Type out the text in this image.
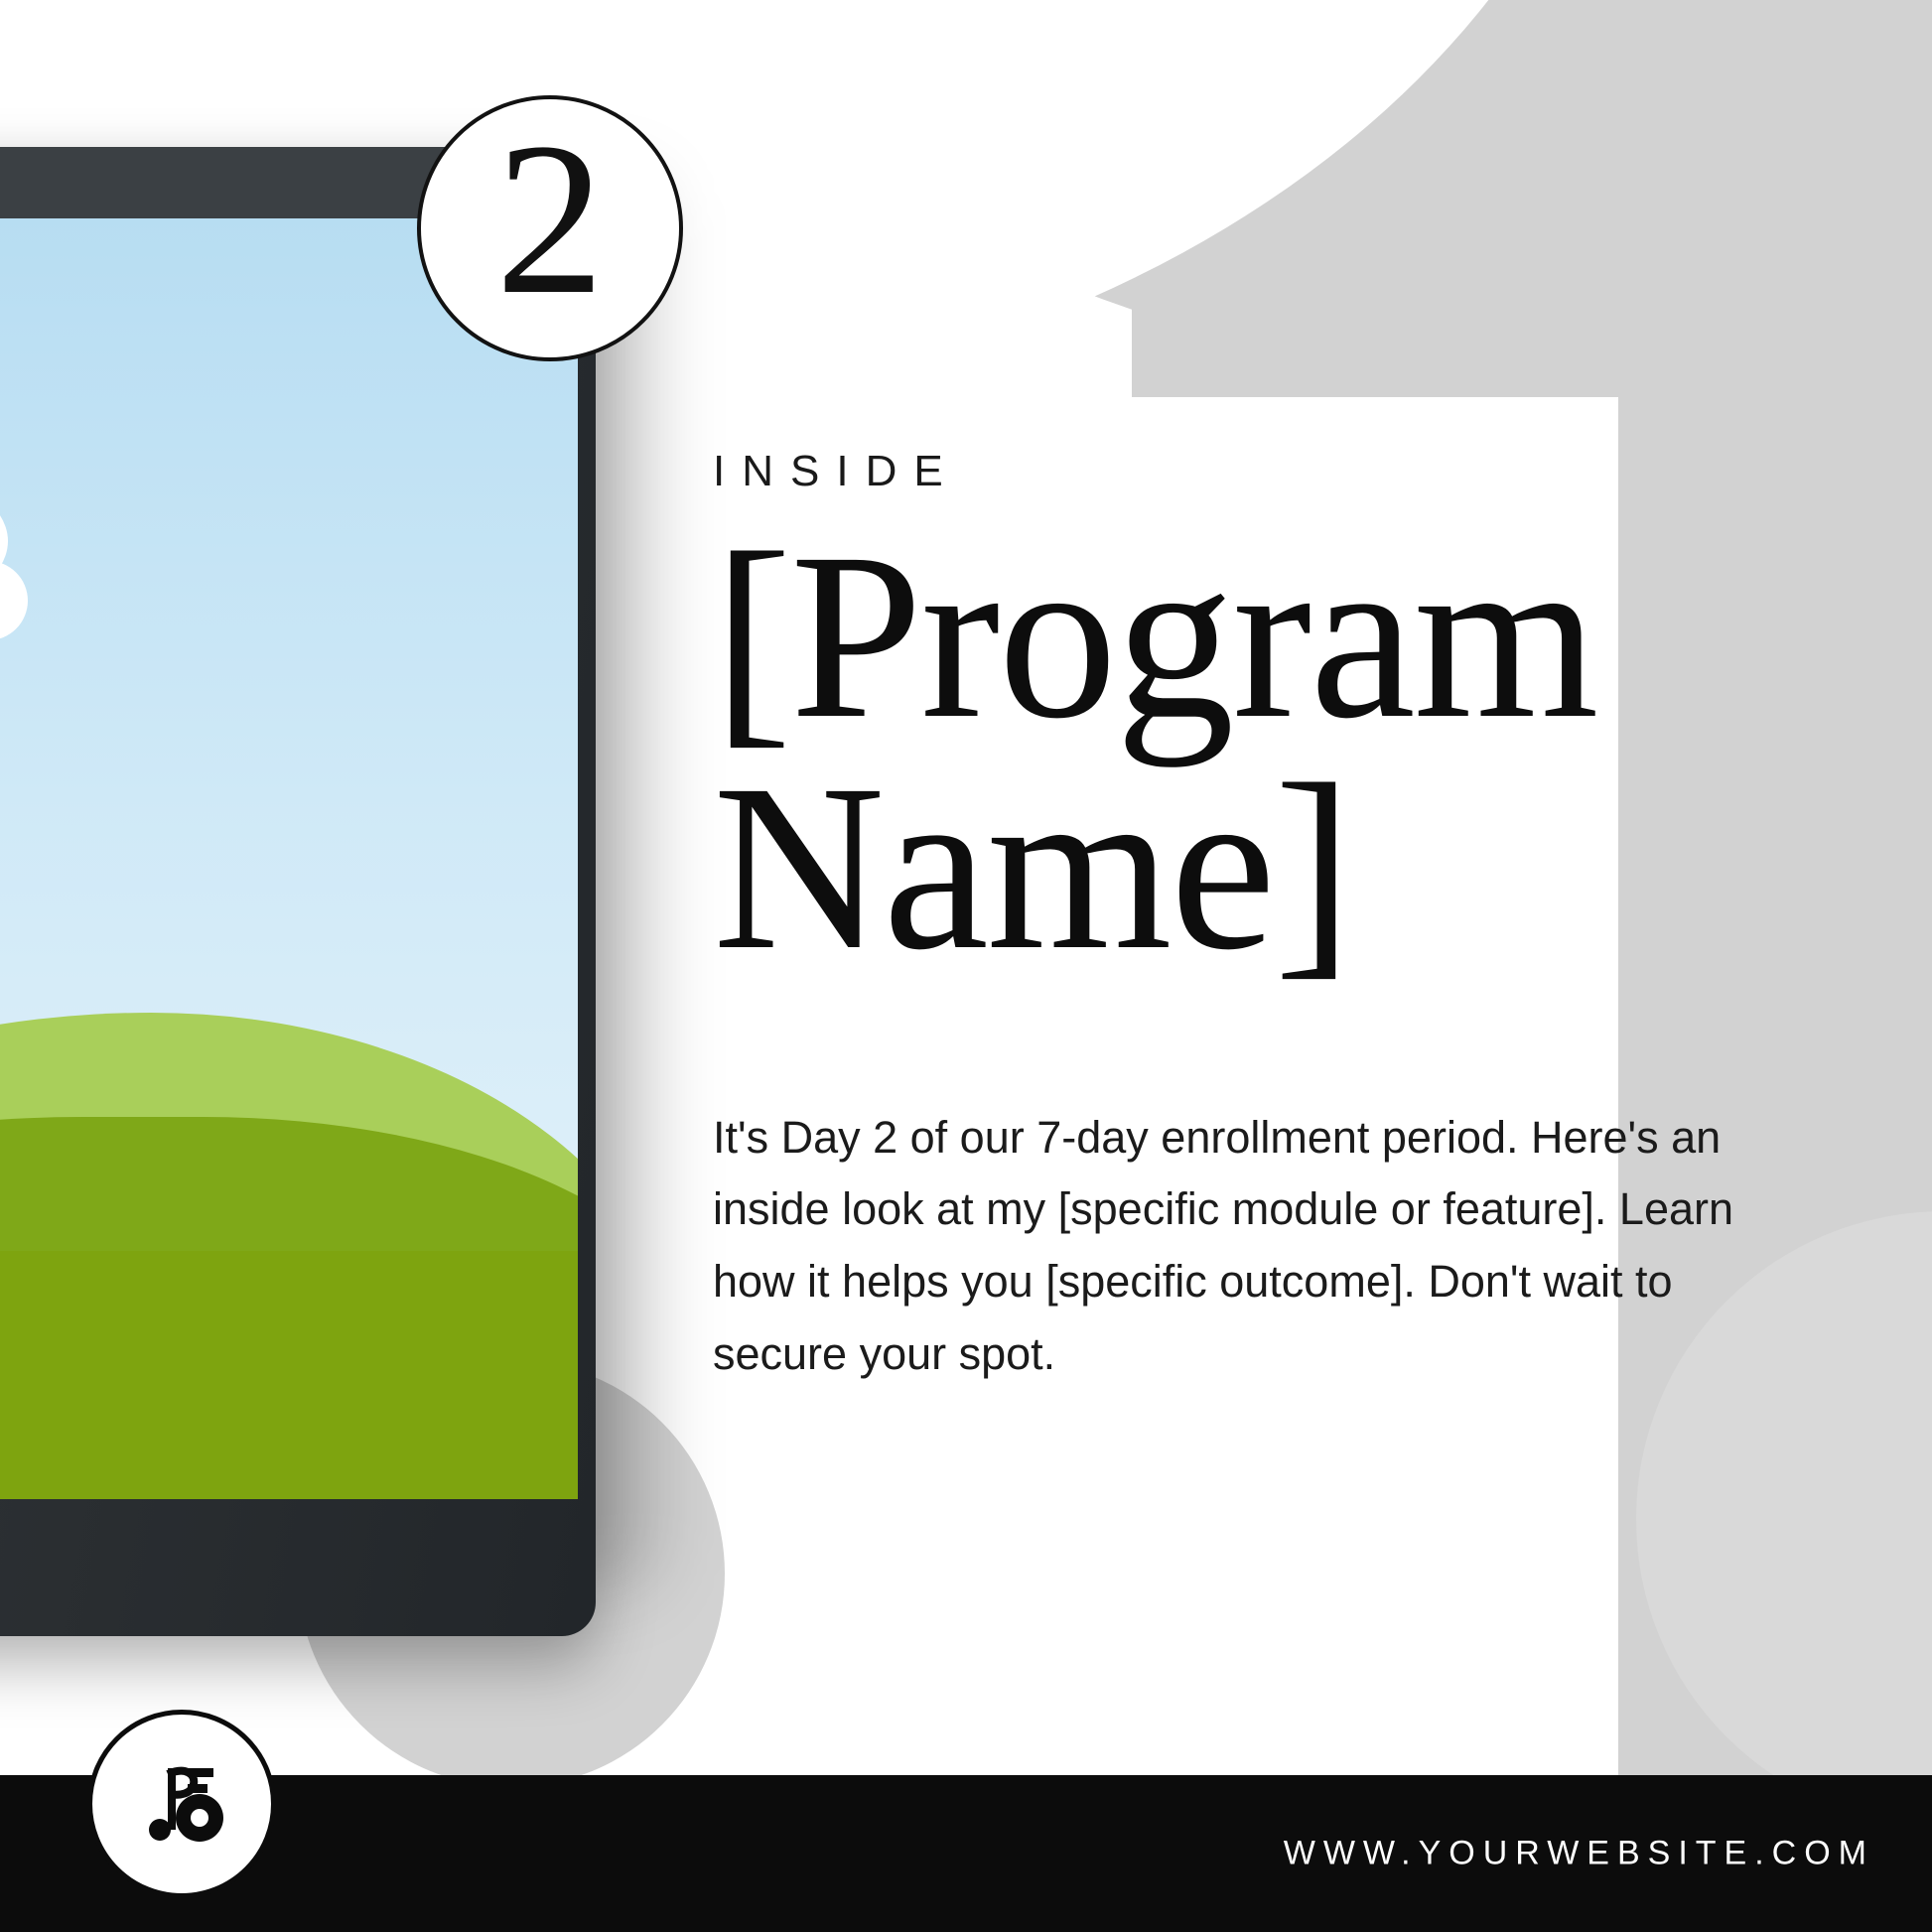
2
INSIDE
[Program
Name]
It's Day 2 of our 7-day enrollment period. Here's an inside look at my [specific module or feature]. Learn how it helps you [specific outcome]. Don't wait to secure your spot.
WWW.YOURWEBSITE.COM
